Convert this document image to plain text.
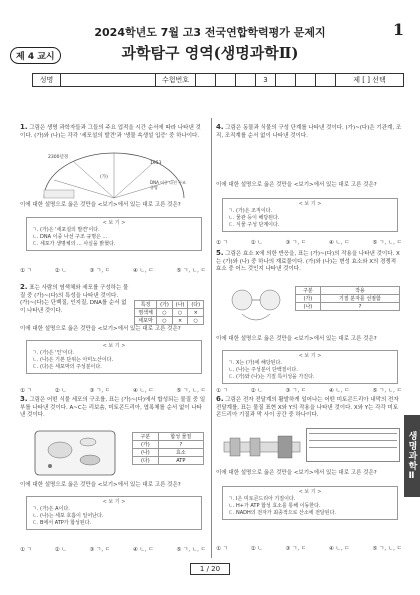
2024학년도 7월 고3 전국연합학력평가 문제지	1
제 4 교시	과학탐구 영역(생명과학Ⅱ)
성명	수험번호	3	제 [ ] 선택
1. 그림은 생명 과학자들과 그들의 주요 업적을 시간 순서에 따라 나타낸 것이다. (가)와 (나)는 각각 '세포설의 발견'과 '생물 속생설 입증' 중 하나이다.
2300년경
(가)
1953
DNA 이중 나선 구조 규명
이에 대한 설명으로 옳은 것만을 <보기>에서 있는 대로 고른 것은?
< 보 기 >
ㄱ. (가)은 '세포설의 발견'이다.
ㄴ. DNA 이중 나선 구조 규명은 ...
ㄷ. 세포가 생명체의 ... 사실을 밝혔다.
① ㄱ	② ㄴ	③ ㄱ, ㄷ	④ ㄴ, ㄷ	⑤ ㄱ, ㄴ, ㄷ
2. 표는 사람의 염색체와 세포를 구성하는 물질 중 (가)~(다)의 특성을 나타낸 것이다. (가)~(다)는 단백질, 인지질, DNA를 순서 없이 나타낸 것이다.
특징	(가)	(나)	(다)
염색체	○	○	×
세포막	○	×	○
이에 대한 설명으로 옳은 것만을 <보기>에서 있는 대로 고른 것은?
< 보 기 >
ㄱ. (가)은 '인'이다.
ㄴ. (나)은 기본 단위는 아미노산이다.
ㄷ. (다)은 세포막의 주성분이다.
① ㄱ	② ㄴ	③ ㄱ, ㄷ	④ ㄴ, ㄷ	⑤ ㄱ, ㄴ, ㄷ
3. 그림은 어떤 식물 세포의 구조를, 표는 (가)~(다)에서 합성되는 물질 중 일부를 나타낸 것이다. A~C는 리보솜, 미토콘드리아, 엽록체를 순서 없이 나타낸 것이다.
구분	합성 물질
(가)	?
(나)	효소
(다)	ATP
이에 대한 설명으로 옳은 것만을 <보기>에서 있는 대로 고른 것은?
< 보 기 >
ㄱ. (가)은 A이다.
ㄴ. (나)는 세포 호흡이 일어난다.
ㄷ. B에서 ATP가 합성된다.
① ㄱ	② ㄴ	③ ㄱ, ㄷ	④ ㄴ, ㄷ	⑤ ㄱ, ㄴ, ㄷ
4. 그림은 동물과 식물의 구성 단계를 나타낸 것이다. (가)~(다)은 기관계, 조직, 조직계를 순서 없이 나타낸 것이다.
이에 대한 설명으로 옳은 것만을 <보기>에서 있는 대로 고른 것은?
< 보 기 >
ㄱ. (가)은 조직이다.
ㄴ. 물관 등이 해당된다.
ㄷ. 식물 구성 단계이다.
① ㄱ	② ㄴ	③ ㄱ, ㄷ	④ ㄴ, ㄷ	⑤ ㄱ, ㄴ, ㄷ
5. 그림은 효소 X에 의한 반응을, 표는 (가)~(다)의 작용을 나타낸 것이다. X는 (가)와 (나) 중 하나의 재료물이다. (가)와 (나)는 변성 효소와 X의 경쟁적 효소 중 어느 것인지 나타낸 것이다.
구분	작용
(가)	기질 분자를 선점함
(나)	?
이에 대한 설명으로 옳은 것만을 <보기>에서 있는 대로 고른 것은?
< 보 기 >
ㄱ. X는 (가)에 해당된다.
ㄴ. (나)는 주성분이 단백질이다.
ㄷ. (가)와 (나)는 기질 특이성을 가진다.
① ㄱ	② ㄴ	③ ㄱ, ㄷ	④ ㄴ, ㄷ	⑤ ㄱ, ㄴ, ㄷ
6. 그림은 전자 전달계의 활발하게 일어나는 어떤 미토콘드리아 내막의 전자 전달계를, 표는 물질 표현 X와 Y의 작용을 나타낸 것이다. X와 Y는 각각 미토콘드리아 기질과 막 사이 공간 중 하나이다.
이에 대한 설명으로 옳은 것만을 <보기>에서 있는 대로 고른 것은?
< 보 기 >
ㄱ. I은 미토콘드리아 기질이다.
ㄴ. H+가 ATP 합성 효소를 통해 이동한다.
ㄷ. NADH의 전자가 최종적으로 산소에 전달된다.
① ㄱ	② ㄴ	③ ㄱ, ㄷ	④ ㄴ, ㄷ	⑤ ㄱ, ㄴ, ㄷ
생명과학Ⅱ
1 / 20
